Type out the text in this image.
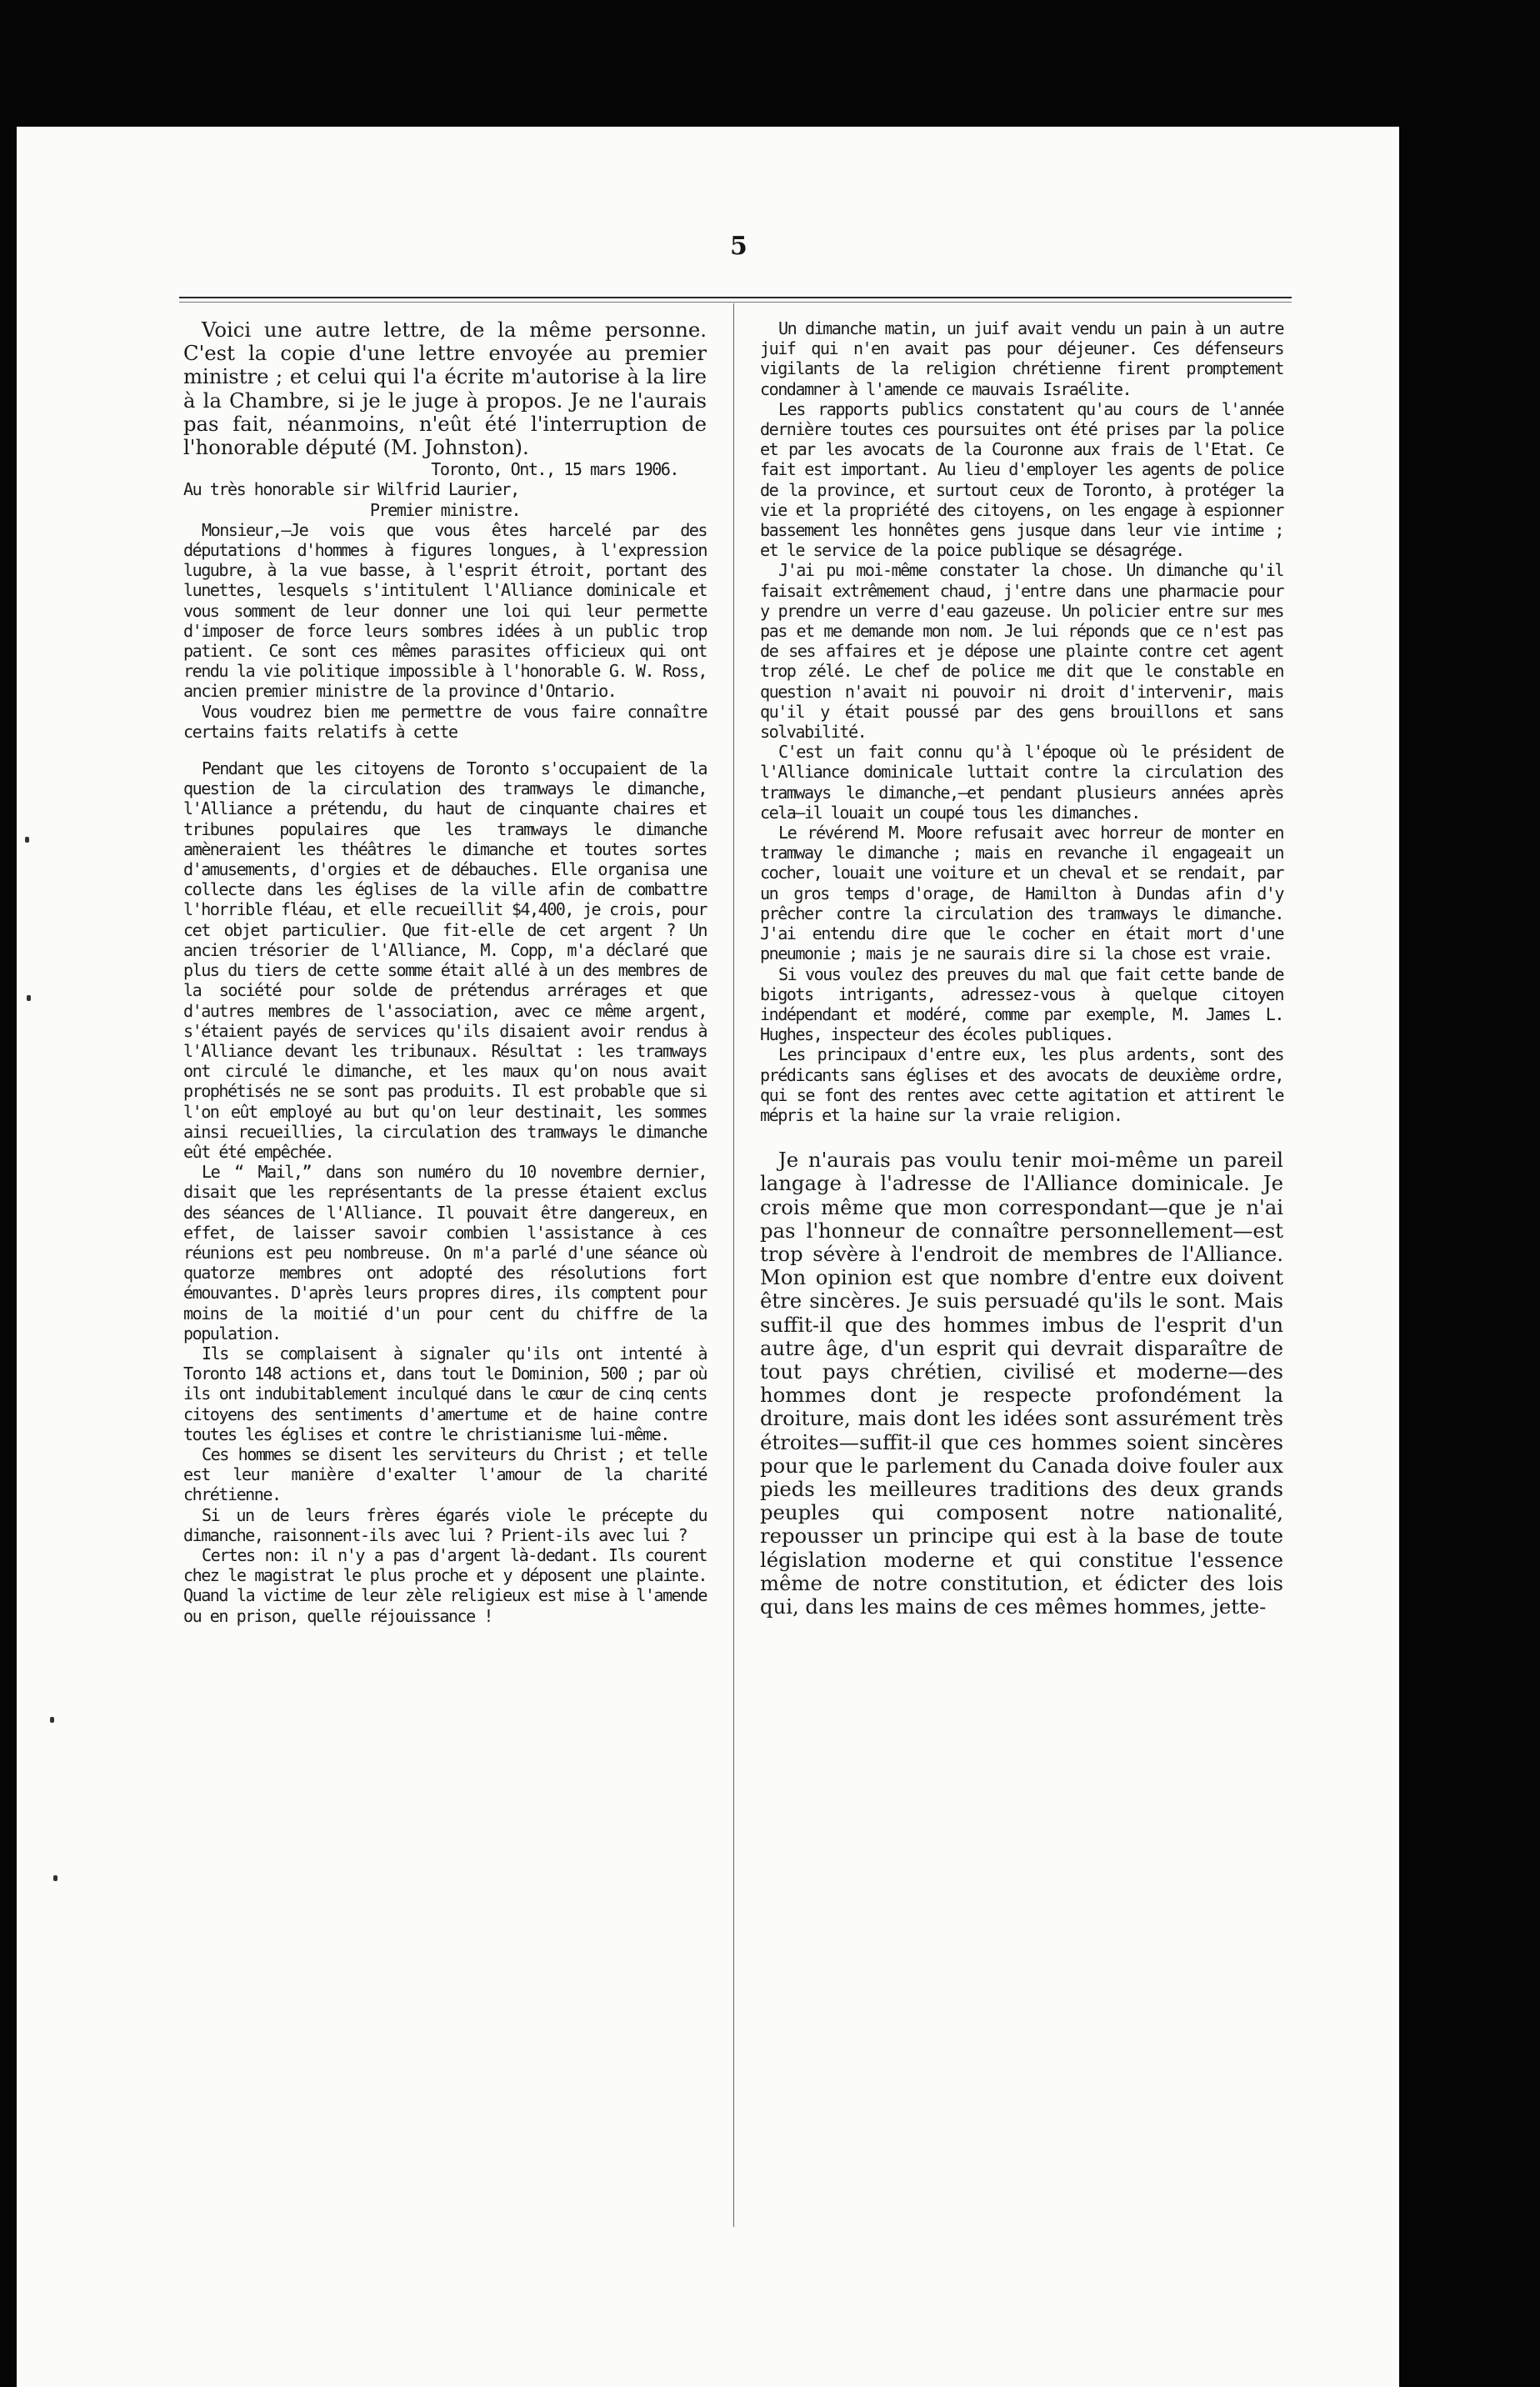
5

Voici une autre lettre, de la même personne. C'est la copie d'une lettre envoyée au premier ministre ; et celui qui l'a écrite m'autorise à la lire à la Chambre, si je le juge à propos. Je ne l'aurais pas fait, néanmoins, n'eût été l'interruption de l'honorable député (M. Johnston).

Toronto, Ont., 15 mars 1906.

Au très honorable sir Wilfrid Laurier,

Premier ministre.

Monsieur,—Je vois que vous êtes harcelé par des députations d'hommes à figures longues, à l'expression lugubre, à la vue basse, à l'esprit étroit, portant des lunettes, lesquels s'intitulent l'Alliance dominicale et vous somment de leur donner une loi qui leur permette d'imposer de force leurs sombres idées à un public trop patient. Ce sont ces mêmes parasites officieux qui ont rendu la vie politique impossible à l'honorable G. W. Ross, ancien premier ministre de la province d'Ontario.

Vous voudrez bien me permettre de vous faire connaître certains faits relatifs à cette

Pendant que les citoyens de Toronto s'occupaient de la question de la circulation des tramways le dimanche, l'Alliance a prétendu, du haut de cinquante chaires et tribunes populaires que les tramways le dimanche amèneraient les théâtres le dimanche et toutes sortes d'amusements, d'orgies et de débauches. Elle organisa une collecte dans les églises de la ville afin de combattre l'horrible fléau, et elle recueillit $4,400, je crois, pour cet objet particulier. Que fit-elle de cet argent ? Un ancien trésorier de l'Alliance, M. Copp, m'a déclaré que plus du tiers de cette somme était allé à un des membres de la société pour solde de prétendus arrérages et que d'autres membres de l'association, avec ce même argent, s'étaient payés de services qu'ils disaient avoir rendus à l'Alliance devant les tribunaux. Résultat : les tramways ont circulé le dimanche, et les maux qu'on nous avait prophétisés ne se sont pas produits. Il est probable que si l'on eût employé au but qu'on leur destinait, les sommes ainsi recueillies, la circulation des tramways le dimanche eût été empêchée.

Le “ Mail,” dans son numéro du 10 novembre dernier, disait que les représentants de la presse étaient exclus des séances de l'Alliance. Il pouvait être dangereux, en effet, de laisser savoir combien l'assistance à ces réunions est peu nombreuse. On m'a parlé d'une séance où quatorze membres ont adopté des résolutions fort émouvantes. D'après leurs propres dires, ils comptent pour moins de la moitié d'un pour cent du chiffre de la population.

Ils se complaisent à signaler qu'ils ont intenté à Toronto 148 actions et, dans tout le Dominion, 500 ; par où ils ont indubitablement inculqué dans le cœur de cinq cents citoyens des sentiments d'amertume et de haine contre toutes les églises et contre le christianisme lui-même.

Ces hommes se disent les serviteurs du Christ ; et telle est leur manière d'exalter l'amour de la charité chrétienne.

Si un de leurs frères égarés viole le précepte du dimanche, raisonnent-ils avec lui ? Prient-ils avec lui ?

Certes non: il n'y a pas d'argent là-dedant. Ils courent chez le magistrat le plus proche et y déposent une plainte. Quand la victime de leur zèle religieux est mise à l'amende ou en prison, quelle réjouissance !

Un dimanche matin, un juif avait vendu un pain à un autre juif qui n'en avait pas pour déjeuner. Ces défenseurs vigilants de la religion chrétienne firent promptement condamner à l'amende ce mauvais Israélite.

Les rapports publics constatent qu'au cours de l'année dernière toutes ces poursuites ont été prises par la police et par les avocats de la Couronne aux frais de l'Etat. Ce fait est important. Au lieu d'employer les agents de police de la province, et surtout ceux de Toronto, à protéger la vie et la propriété des citoyens, on les engage à espionner bassement les honnêtes gens jusque dans leur vie intime ; et le service de la poice publique se désagrége.

J'ai pu moi-même constater la chose. Un dimanche qu'il faisait extrêmement chaud, j'entre dans une pharmacie pour y prendre un verre d'eau gazeuse. Un policier entre sur mes pas et me demande mon nom. Je lui réponds que ce n'est pas de ses affaires et je dépose une plainte contre cet agent trop zélé. Le chef de police me dit que le constable en question n'avait ni pouvoir ni droit d'intervenir, mais qu'il y était poussé par des gens brouillons et sans solvabilité.

C'est un fait connu qu'à l'époque où le président de l'Alliance dominicale luttait contre la circulation des tramways le dimanche,—et pendant plusieurs années après cela—il louait un coupé tous les dimanches.

Le révérend M. Moore refusait avec horreur de monter en tramway le dimanche ; mais en revanche il engageait un cocher, louait une voiture et un cheval et se rendait, par un gros temps d'orage, de Hamilton à Dundas afin d'y prêcher contre la circulation des tramways le dimanche. J'ai entendu dire que le cocher en était mort d'une pneumonie ; mais je ne saurais dire si la chose est vraie.

Si vous voulez des preuves du mal que fait cette bande de bigots intrigants, adressez-vous à quelque citoyen indépendant et modéré, comme par exemple, M. James L. Hughes, inspecteur des écoles publiques.

Les principaux d'entre eux, les plus ardents, sont des prédicants sans églises et des avocats de deuxième ordre, qui se font des rentes avec cette agitation et attirent le mépris et la haine sur la vraie religion.

Je n'aurais pas voulu tenir moi-même un pareil langage à l'adresse de l'Alliance dominicale. Je crois même que mon correspondant—que je n'ai pas l'honneur de connaître personnellement—est trop sévère à l'endroit de membres de l'Alliance. Mon opinion est que nombre d'entre eux doivent être sincères. Je suis persuadé qu'ils le sont. Mais suffit-il que des hommes imbus de l'esprit d'un autre âge, d'un esprit qui devrait disparaître de tout pays chrétien, civilisé et moderne—des hommes dont je respecte profondément la droiture, mais dont les idées sont assurément très étroites—suffit-il que ces hommes soient sincères pour que le parlement du Canada doive fouler aux pieds les meilleures traditions des deux grands peuples qui composent notre nationalité, repousser un principe qui est à la base de toute législation moderne et qui constitue l'essence même de notre constitution, et édicter des lois qui, dans les mains de ces mêmes hommes, jette-
